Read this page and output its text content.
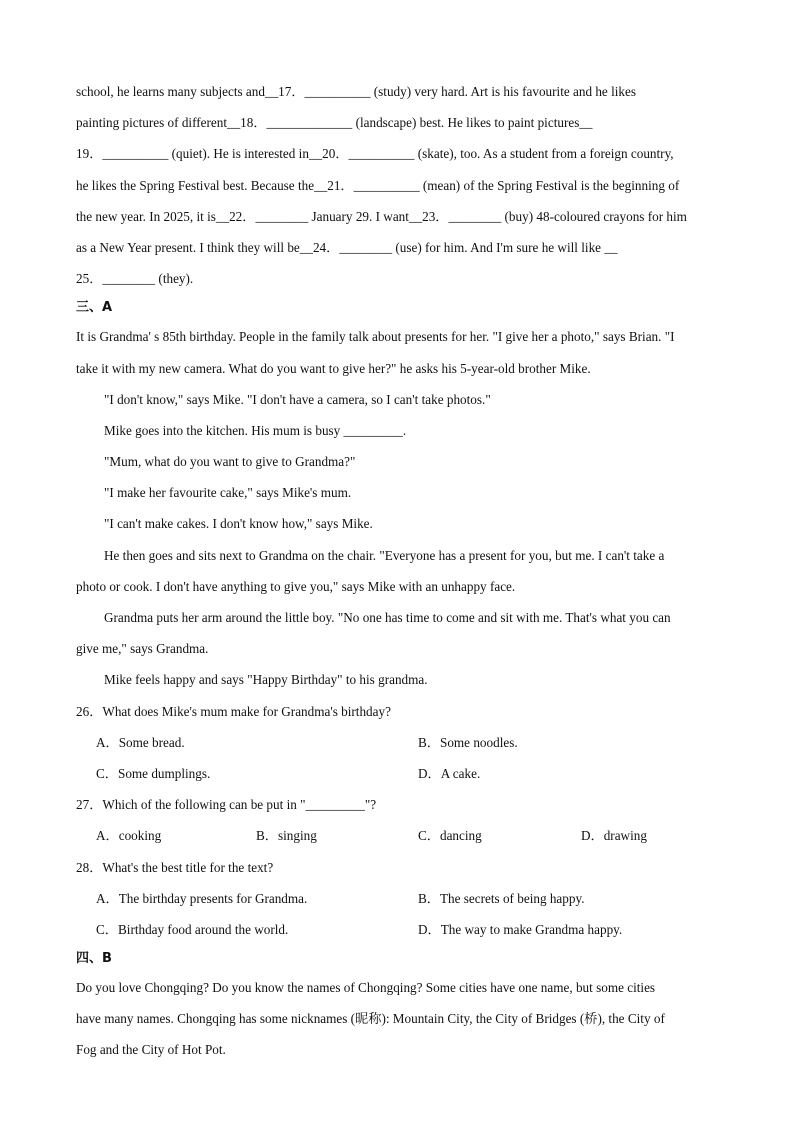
school, he learns many subjects and__17．__________ (study) very hard. Art is his favourite and he likes
painting pictures of different__18．_____________ (landscape) best. He likes to paint pictures__
19．__________ (quiet). He is interested in__20．__________ (skate), too. As a student from a foreign country,
he likes the Spring Festival best. Because the__21．__________ (mean) of the Spring Festival is the beginning of
the new year. In 2025, it is__22．________ January 29. I want__23．________ (buy) 48-coloured crayons for him
as a New Year present. I think they will be__24．________ (use) for him. And I'm sure he will like __
25．________ (they).
三、A
It is Grandma' s 85th birthday. People in the family talk about presents for her. "I give her a photo," says Brian. "I
take it with my new camera. What do you want to give her?" he asks his 5-year-old brother Mike.
"I don't know," says Mike. "I don't have a camera, so I can't take photos."
Mike goes into the kitchen. His mum is busy _________.
"Mum, what do you want to give to Grandma?"
"I make her favourite cake," says Mike's mum.
"I can't make cakes. I don't know how," says Mike.
He then goes and sits next to Grandma on the chair. "Everyone has a present for you, but me. I can't take a
photo or cook. I don't have anything to give you," says Mike with an unhappy face.
Grandma puts her arm around the little boy. "No one has time to come and sit with me. That's what you can
give me," says Grandma.
Mike feels happy and says "Happy Birthday" to his grandma.
26．What does Mike's mum make for Grandma's birthday?
A．Some bread.	B．Some noodles.
C．Some dumplings.	D．A cake.
27．Which of the following can be put in "_________"?
A．cooking	B．singing	C．dancing	D．drawing
28．What's the best title for the text?
A．The birthday presents for Grandma.	B．The secrets of being happy.
C．Birthday food around the world.	D．The way to make Grandma happy.
四、B
Do you love Chongqing? Do you know the names of Chongqing? Some cities have one name, but some cities
have many names. Chongqing has some nicknames (昵称): Mountain City, the City of Bridges (桥), the City of
Fog and the City of Hot Pot.
